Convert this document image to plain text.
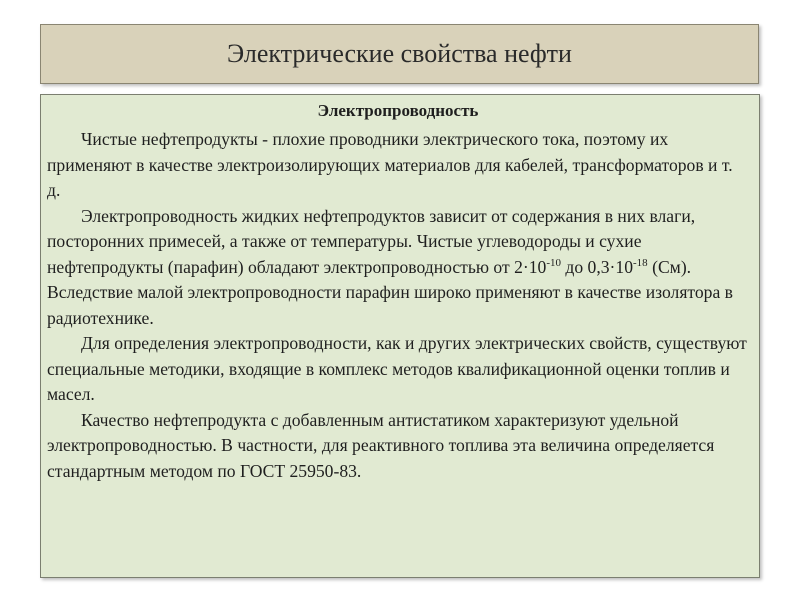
Электрические свойства нефти
Электропроводность

Чистые нефтепродукты - плохие проводники электрического тока, поэтому их применяют в качестве электроизолирующих материалов для кабелей, трансформаторов и т. д.

Электропроводность жидких нефтепродуктов зависит от содержания в них влаги, посторонних примесей, а также от температуры. Чистые углеводороды и сухие нефтепродукты (парафин) обладают электропроводностью от $2\cdot 10^{-10}$ до $0,3\cdot 10^{-18}$ (См). Вследствие малой электропроводности парафин широко применяют в качестве изолятора в радиотехнике.

Для определения электропроводности, как и других электрических свойств, существуют специальные методики, входящие в комплекс методов квалификационной оценки топлив и масел.

Качество нефтепродукта с добавленным антистатиком характеризуют удельной электропроводностью. В частности, для реактивного топлива эта величина определяется стандартным методом по ГОСТ 25950-83.
